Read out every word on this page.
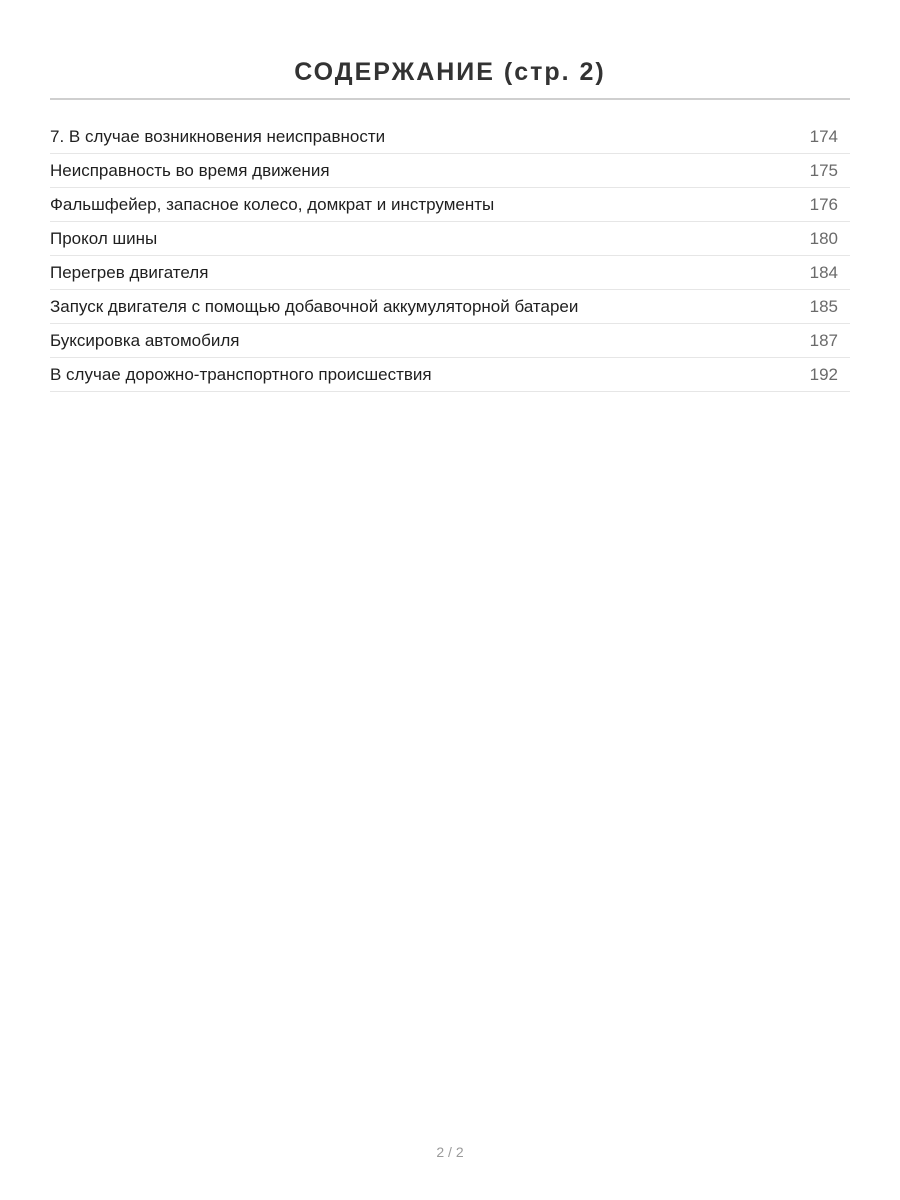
СОДЕРЖАНИЕ (стр. 2)
7. В случае возникновения неисправности	174
Неисправность во время движения	175
Фальшфейер, запасное колесо, домкрат и инструменты	176
Прокол шины	180
Перегрев двигателя	184
Запуск двигателя с помощью добавочной аккумуляторной батареи	185
Буксировка автомобиля	187
В случае дорожно-транспортного происшествия	192
2 / 2
